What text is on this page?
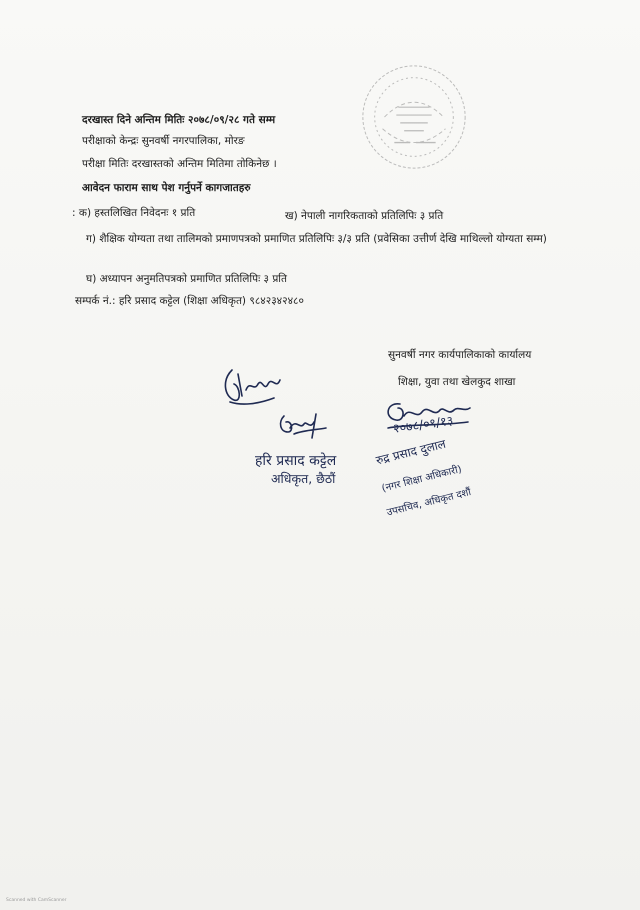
दरखास्त दिने अन्तिम मितिः २०७८/०९/२८ गते सम्म
परीक्षाको केन्द्रः सुनवर्षी नगरपालिका, मोरङ
परीक्षा मितिः दरखास्तको अन्तिम मितिमा तोकिनेछ ।
आवेदन फाराम साथ पेश गर्नुपर्ने कागजातहरु
: क) हस्तलिखित निवेदनः १ प्रति	ख) नेपाली नागरिकताको प्रतिलिपिः ३ प्रति
ग) शैक्षिक योग्यता तथा तालिमको प्रमाणपत्रको प्रमाणित प्रतिलिपिः ३/३ प्रति (प्रवेसिका उत्तीर्ण देखि माथिल्लो योग्यता सम्म)
घ) अध्यापन अनुमतिपत्रको प्रमाणित प्रतिलिपिः ३ प्रति
सम्पर्क नं.: हरि प्रसाद कट्टेल (शिक्षा अधिकृत) ९८४२३४२४८०
सुनवर्षी नगर कार्यपालिकाको कार्यालय
शिक्षा, युवा तथा खेलकुद शाखा
हरि प्रसाद कट्टेल
अधिकृत, छैठौं
२०७८/०९/१३
रुद्र प्रसाद दुलाल
(नगर शिक्षा अधिकारी)
उपसचिव, अधिकृत दशौं
Scanned with CamScanner
